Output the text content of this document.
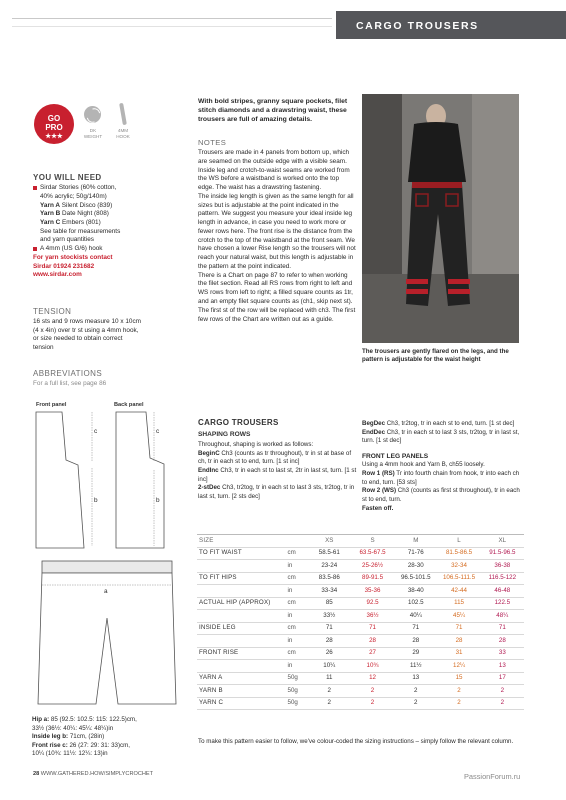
CARGO TROUSERS
GO
PRO
★★★
DK
WEIGHT
4MM
HOOK
YOU WILL NEED
Sirdar Stories (60% cotton,
40% acrylic; 50g/140m)
Yarn A Silent Disco (839)
Yarn B Date Night (808)
Yarn C Embers (801)
See table for measurements
and yarn quantities
A 4mm (US G/6) hook
For yarn stockists contact
Sirdar 01924 231682
www.sirdar.com
TENSION
16 sts and 9 rows measure 10 x 10cm
(4 x 4in) over tr st using a 4mm hook,
or size needed to obtain correct
tension
ABBREVIATIONS
For a full list, see page 86
Front panel	Back panel
c
b
c
b
a
Hip a: 85 (92.5: 102.5: 115: 122.5)cm,
33½ (36½: 40¼: 45¼: 48¼)in
Inside leg b: 71cm, (28in)
Front rise c: 26 (27: 29: 31: 33)cm,
10¼ (10¾: 11½: 12¼: 13)in
With bold stripes, granny square pockets, filet stitch diamonds and a drawstring waist, these trousers are full of amazing details.
NOTES
Trousers are made in 4 panels from bottom up, which are seamed on the outside edge with a visible seam.
Inside leg and crotch-to-waist seams are worked from the WS before a waistband is worked onto the top edge. The waist has a drawstring fastening.
The inside leg length is given as the same length for all sizes but is adjustable at the point indicated in the pattern. We suggest you measure your ideal inside leg length in advance, in case you need to work more or fewer rows here. The front rise is the distance from the crotch to the top of the waistband at the front seam. We have chosen a lower Rise length so the trousers will not reach your natural waist, but this length is adjustable in the pattern at the point indicated.
There is a Chart on page 87 to refer to when working the filet section. Read all RS rows from right to left and WS rows from left to right; a filled square counts as 1tr, and an empty filet square counts as (ch1, skip next st). The first st of the row will be replaced with ch3. The first few rows of the Chart are written out as a guide.
The trousers are gently flared on the legs, and the pattern is adjustable for the waist height
CARGO TROUSERS
SHAPING ROWS
Throughout, shaping is worked as follows:
BeginC Ch3 (counts as tr throughout), tr in st at base of ch, tr in each st to end, turn. [1 st inc]
EndInc Ch3, tr in each st to last st, 2tr in last st, turn. [1 st inc]
2-stDec Ch3, tr2tog, tr in each st to last 3 sts, tr2tog, tr in last st, turn. [2 sts dec]
BegDec Ch3, tr2tog, tr in each st to end, turn. [1 st dec]
EndDec Ch3, tr in each st to last 3 sts, tr2tog, tr in last st, turn. [1 st dec]
FRONT LEG PANELS
Using a 4mm hook and Yarn B, ch55 loosely.
Row 1 (RS) Tr into fourth chain from hook, tr into each ch to end, turn. [53 sts]
Row 2 (WS) Ch3 (counts as first st throughout), tr in each st to end, turn.
Fasten off.
SIZE		XS	S	M	L	XL
TO FIT WAIST	cm	58.5-61	63.5-67.5	71-76	81.5-86.5	91.5-96.5
	in	23-24	25-26½	28-30	32-34	36-38
TO FIT HIPS	cm	83.5-86	89-91.5	96.5-101.5	106.5-111.5	116.5-122
	in	33-34	35-36	38-40	42-44	46-48
ACTUAL HIP (APPROX)	cm	85	92.5	102.5	115	122.5
	in	33½	36½	40¼	45¼	48¼
INSIDE LEG	cm	71	71	71	71	71
	in	28	28	28	28	28
FRONT RISE	cm	26	27	29	31	33
	in	10¼	10¾	11½	12¼	13
YARN A	50g	11	12	13	15	17
YARN B	50g	2	2	2	2	2
YARN C	50g	2	2	2	2	2
To make this pattern easier to follow, we've colour-coded the sizing instructions – simply follow the relevant column.
28 WWW.GATHERED.HOW/SIMPLYCROCHET	PassionForum.ru
